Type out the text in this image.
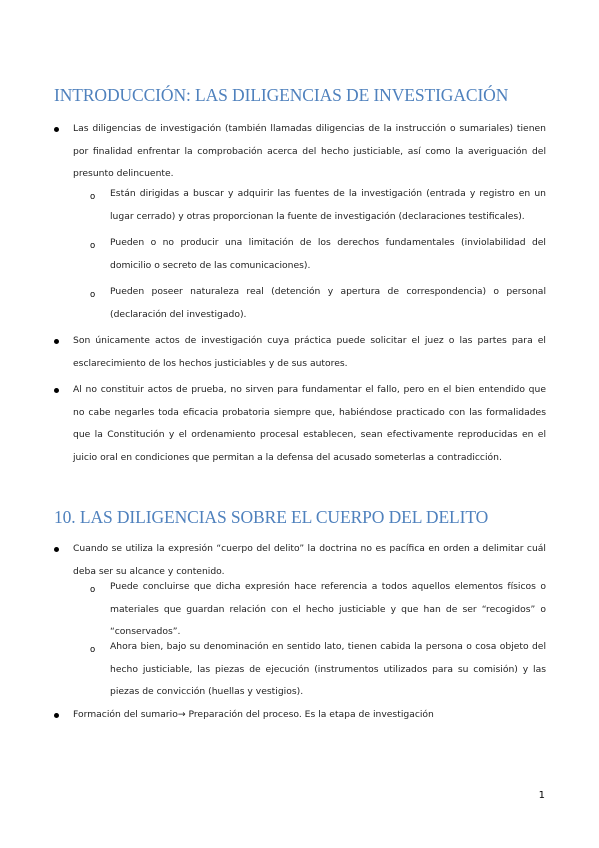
INTRODUCCIÓN: LAS DILIGENCIAS DE INVESTIGACIÓN

Las diligencias de investigación (también llamadas diligencias de la instrucción o sumariales) tienen por finalidad enfrentar la comprobación acerca del hecho justiciable, así como la averiguación del presunto delincuente.

o Están dirigidas a buscar y adquirir las fuentes de la investigación (entrada y registro en un lugar cerrado) y otras proporcionan la fuente de investigación (declaraciones testificales).

o Pueden o no producir una limitación de los derechos fundamentales (inviolabilidad del domicilio o secreto de las comunicaciones).

o Pueden poseer naturaleza real (detención y apertura de correspondencia) o personal (declaración del investigado).

Son únicamente actos de investigación cuya práctica puede solicitar el juez o las partes para el esclarecimiento de los hechos justiciables y de sus autores.

Al no constituir actos de prueba, no sirven para fundamentar el fallo, pero en el bien entendido que no cabe negarles toda eficacia probatoria siempre que, habiéndose practicado con las formalidades que la Constitución y el ordenamiento procesal establecen, sean efectivamente reproducidas en el juicio oral en condiciones que permitan a la defensa del acusado someterlas a contradicción.

10. LAS DILIGENCIAS SOBRE EL CUERPO DEL DELITO

Cuando se utiliza la expresión “cuerpo del delito” la doctrina no es pacífica en orden a delimitar cuál deba ser su alcance y contenido.

o Puede concluirse que dicha expresión hace referencia a todos aquellos elementos físicos o materiales que guardan relación con el hecho justiciable y que han de ser “recogidos” o “conservados”.

o Ahora bien, bajo su denominación en sentido lato, tienen cabida la persona o cosa objeto del hecho justiciable, las piezas de ejecución (instrumentos utilizados para su comisión) y las piezas de convicción (huellas y vestigios).

Formación del sumario→ Preparación del proceso. Es la etapa de investigación

1
